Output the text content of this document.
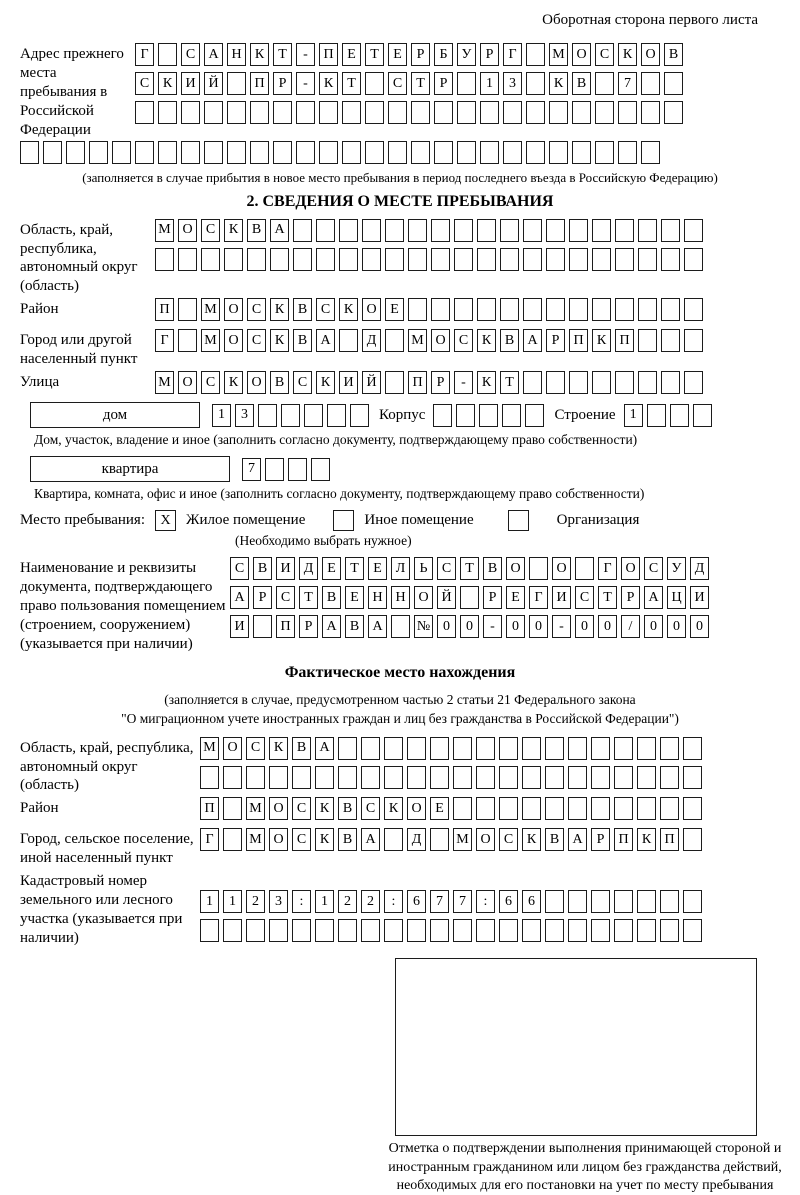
Оборотная сторона первого листа
Адрес прежнего места пребывания в Российской Федерации
Г	С А Н К	Т	-	П Е	Т	Е	Р	Б	У	Р	Г	М О С К О В
С К И Й	П	Р	-	К	Т	С	Т	Р	1	3	К В	7
(заполняется в случае прибытия в новое место пребывания в период последнего въезда в Российскую Федерацию)
2. СВЕДЕНИЯ О МЕСТЕ ПРЕБЫВАНИЯ
Область, край, республика, автономный округ (область)
М О С К В А
Район	П	М О С К В С К О Е
Город или другой населенный пункт
Г	М О С К В А	Д	М О С К В А	Р	П К П
Улица	М О С К О В С К И Й	П	Р	-	К	Т
дом	1	3	Корпус	Строение	1
Дом, участок, владение и иное (заполнить согласно документу, подтверждающему право собственности)
квартира	7
Квартира, комната, офис и иное (заполнить согласно документу, подтверждающему право собственности)
Место пребывания: X Жилое помещение	Иное помещение	Организация
(Необходимо выбрать нужное)
Наименование и реквизиты документа, подтверждающего право пользования помещением (строением, сооружением) (указывается при наличии)
С В И Д Е	Т	Е Л	Ь	С	Т	В О	О	Г О С У Д
А	Р	С	Т	В	Е Н Н О Й	Р	Е	Г И С	Т	Р	А Ц И
И	П	Р	А В А	№ 0	0	-	0	0	-	0	0	/	0	0	0
Фактическое место нахождения
(заполняется в случае, предусмотренном частью 2 статьи 21 Федерального закона
"О миграционном учете иностранных граждан и лиц без гражданства в Российской Федерации")
Область, край, республика, автономный округ (область)
М О С К В А
Район	П	М О С К В С К О Е
Город, сельское поселение, иной населенный пункт
Г	М О С К В А	Д	М О С К В А	Р	П К П
Кадастровый номер земельного или лесного участка (указывается при наличии)
1	1	2	3	:	1	2	2	:	6	7	7	:	6	6
Отметка о подтверждении выполнения принимающей стороной и иностранным гражданином или лицом без гражданства действий, необходимых для его постановки на учет по месту пребывания
